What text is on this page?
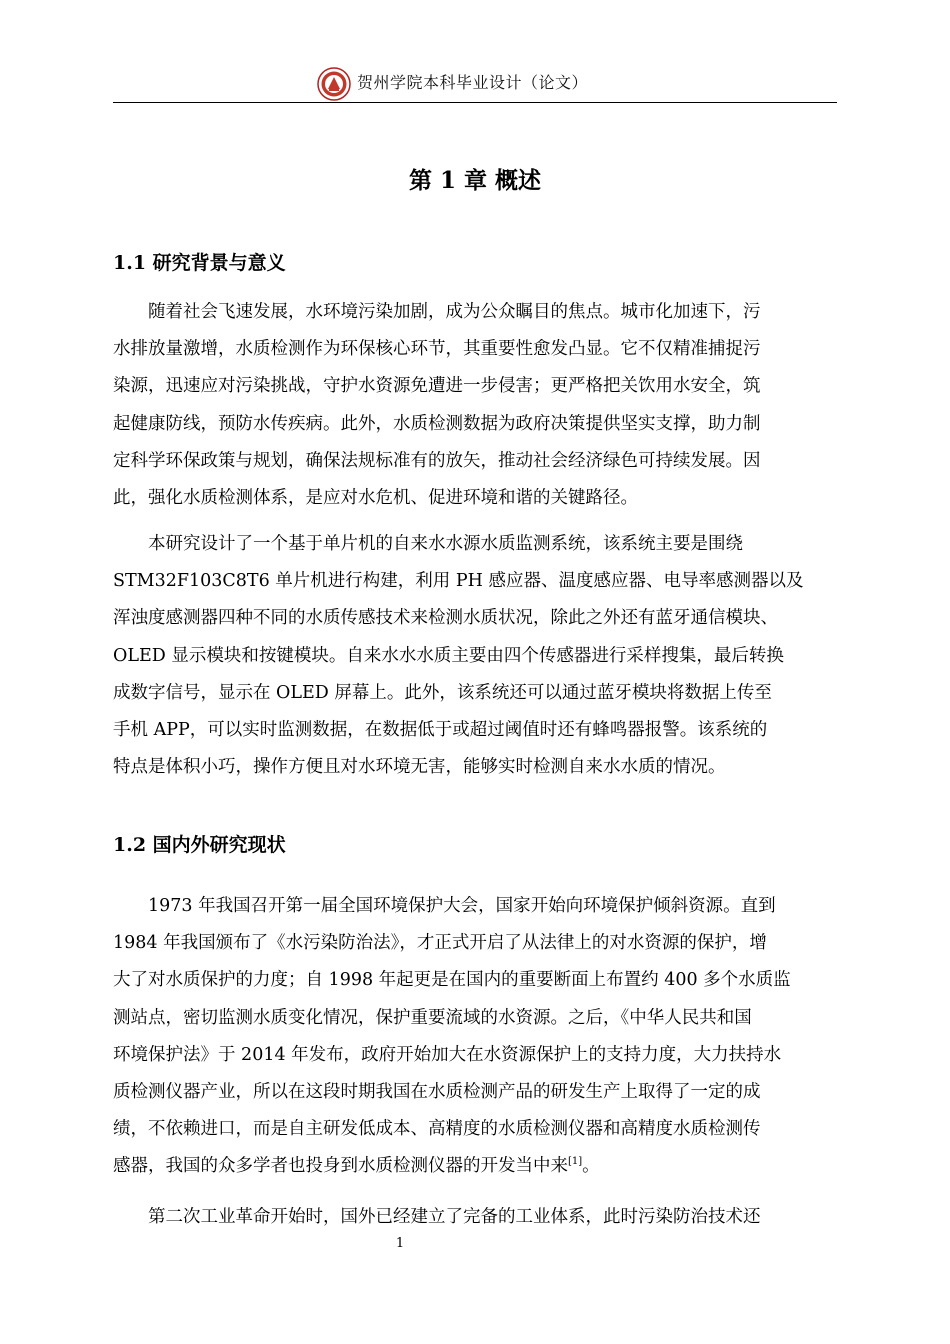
贺州学院本科毕业设计（论文）
第 1 章 概述
1.1 研究背景与意义
随着社会飞速发展，水环境污染加剧，成为公众瞩目的焦点。城市化加速下，污
水排放量激增，水质检测作为环保核心环节，其重要性愈发凸显。它不仅精准捕捉污
染源，迅速应对污染挑战，守护水资源免遭进一步侵害；更严格把关饮用水安全，筑
起健康防线，预防水传疾病。此外，水质检测数据为政府决策提供坚实支撑，助力制
定科学环保政策与规划，确保法规标准有的放矢，推动社会经济绿色可持续发展。因
此，强化水质检测体系，是应对水危机、促进环境和谐的关键路径。
本研究设计了一个基于单片机的自来水水源水质监测系统，该系统主要是围绕
STM32F103C8T6 单片机进行构建，利用 PH 感应器、温度感应器、电导率感测器以及
浑浊度感测器四种不同的水质传感技术来检测水质状况，除此之外还有蓝牙通信模块、
OLED 显示模块和按键模块。自来水水水质主要由四个传感器进行采样搜集，最后转换
成数字信号，显示在 OLED 屏幕上。此外，该系统还可以通过蓝牙模块将数据上传至
手机 APP，可以实时监测数据，在数据低于或超过阈值时还有蜂鸣器报警。该系统的
特点是体积小巧，操作方便且对水环境无害，能够实时检测自来水水质的情况。
1.2 国内外研究现状
1973 年我国召开第一届全国环境保护大会，国家开始向环境保护倾斜资源。直到
1984 年我国颁布了《水污染防治法》，才正式开启了从法律上的对水资源的保护，增
大了对水质保护的力度；自 1998 年起更是在国内的重要断面上布置约 400 多个水质监
测站点，密切监测水质变化情况，保护重要流域的水资源。之后，《中华人民共和国
环境保护法》于 2014 年发布，政府开始加大在水资源保护上的支持力度，大力扶持水
质检测仪器产业，所以在这段时期我国在水质检测产品的研发生产上取得了一定的成
绩，不依赖进口，而是自主研发低成本、高精度的水质检测仪器和高精度水质检测传
感器，我国的众多学者也投身到水质检测仪器的开发当中来[1]。
第二次工业革命开始时，国外已经建立了完备的工业体系，此时污染防治技术还
1
